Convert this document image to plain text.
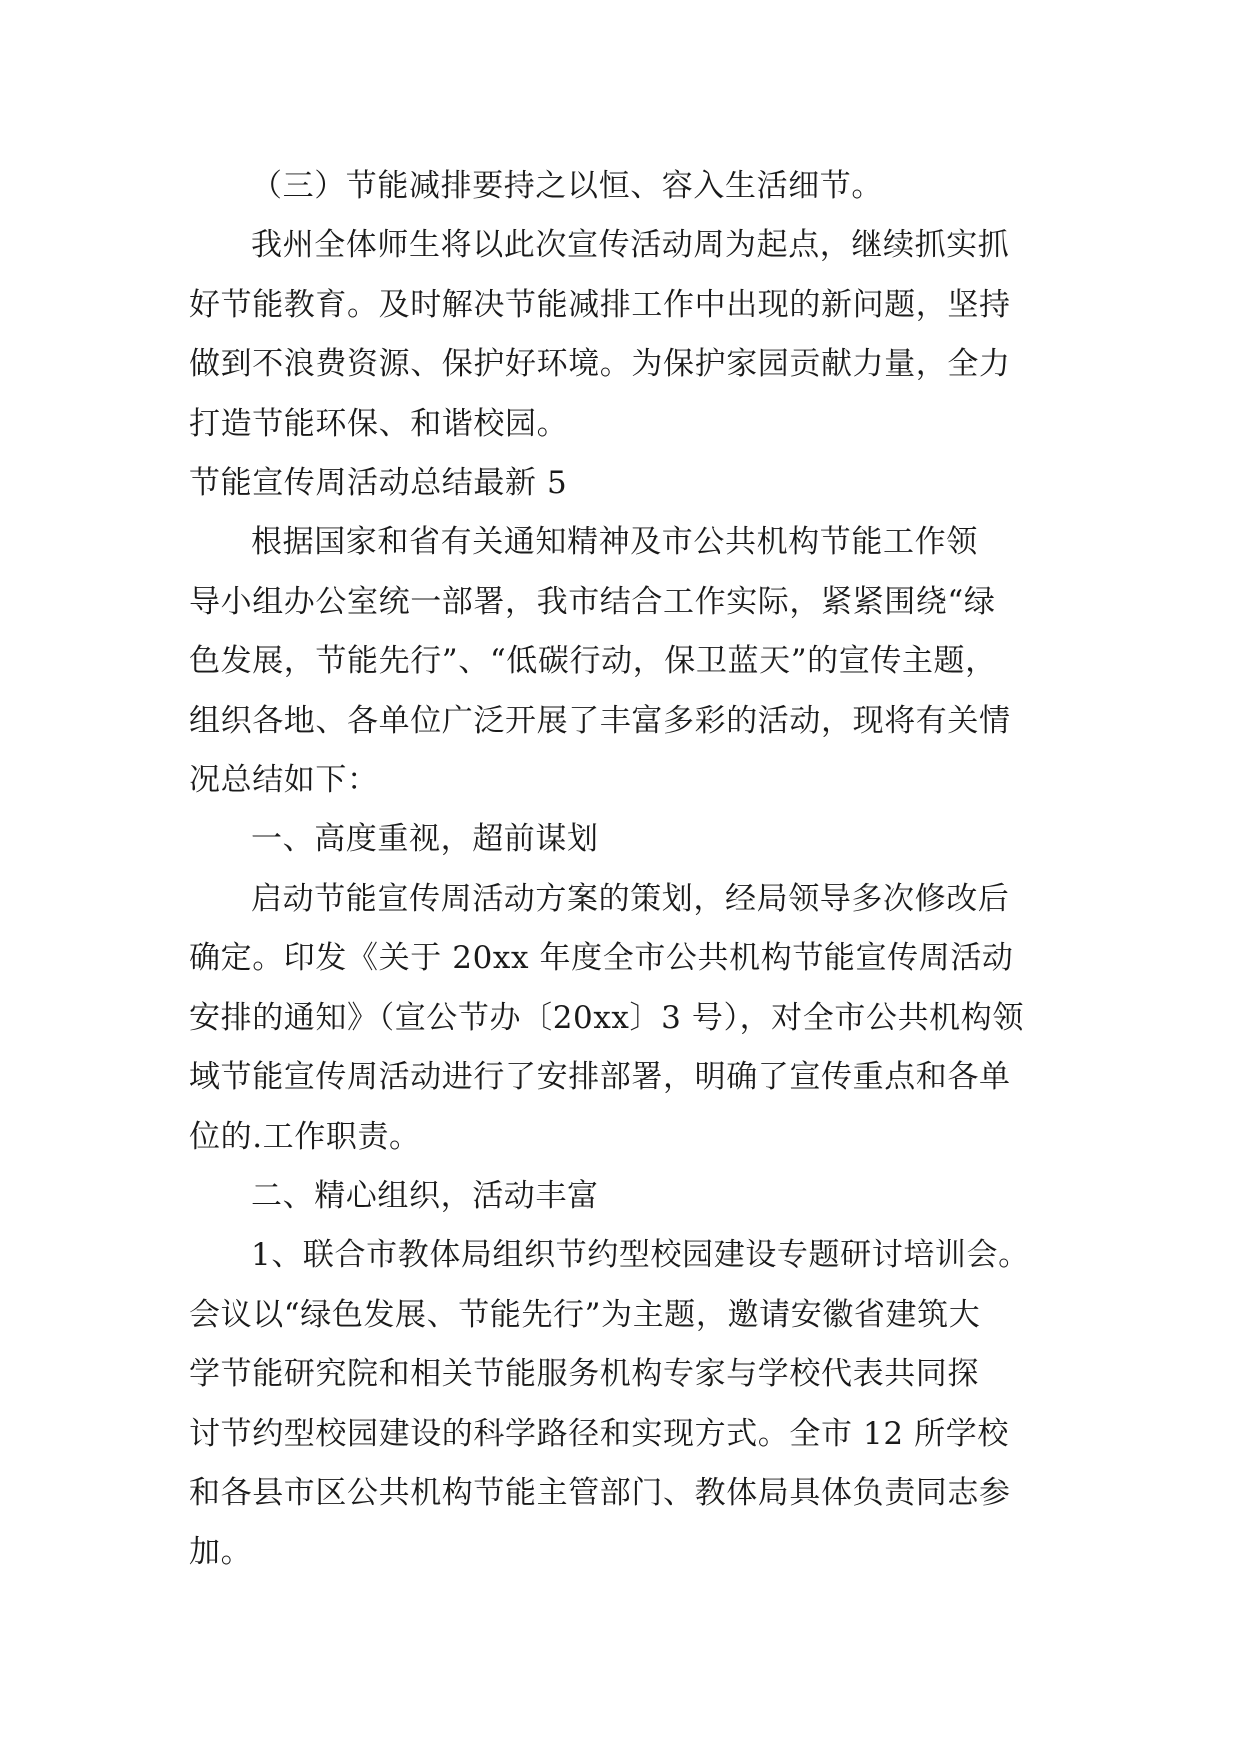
（三）节能减排要持之以恒、容入生活细节。

我州全体师生将以此次宣传活动周为起点，继续抓实抓
好节能教育。及时解决节能减排工作中出现的新问题，坚持
做到不浪费资源、保护好环境。为保护家园贡献力量，全力
打造节能环保、和谐校园。

节能宣传周活动总结最新 5

根据国家和省有关通知精神及市公共机构节能工作领
导小组办公室统一部署，我市结合工作实际，紧紧围绕“绿
色发展，节能先行”、“低碳行动，保卫蓝天”的宣传主题，
组织各地、各单位广泛开展了丰富多彩的活动，现将有关情
况总结如下：

一、高度重视，超前谋划

启动节能宣传周活动方案的策划，经局领导多次修改后
确定。印发《关于 20xx 年度全市公共机构节能宣传周活动
安排的通知》（宣公节办〔20xx〕3 号），对全市公共机构领
域节能宣传周活动进行了安排部署，明确了宣传重点和各单
位的.工作职责。

二、精心组织，活动丰富

1、联合市教体局组织节约型校园建设专题研讨培训会。
会议以“绿色发展、节能先行”为主题，邀请安徽省建筑大
学节能研究院和相关节能服务机构专家与学校代表共同探
讨节约型校园建设的科学路径和实现方式。全市 12 所学校
和各县市区公共机构节能主管部门、教体局具体负责同志参
加。
